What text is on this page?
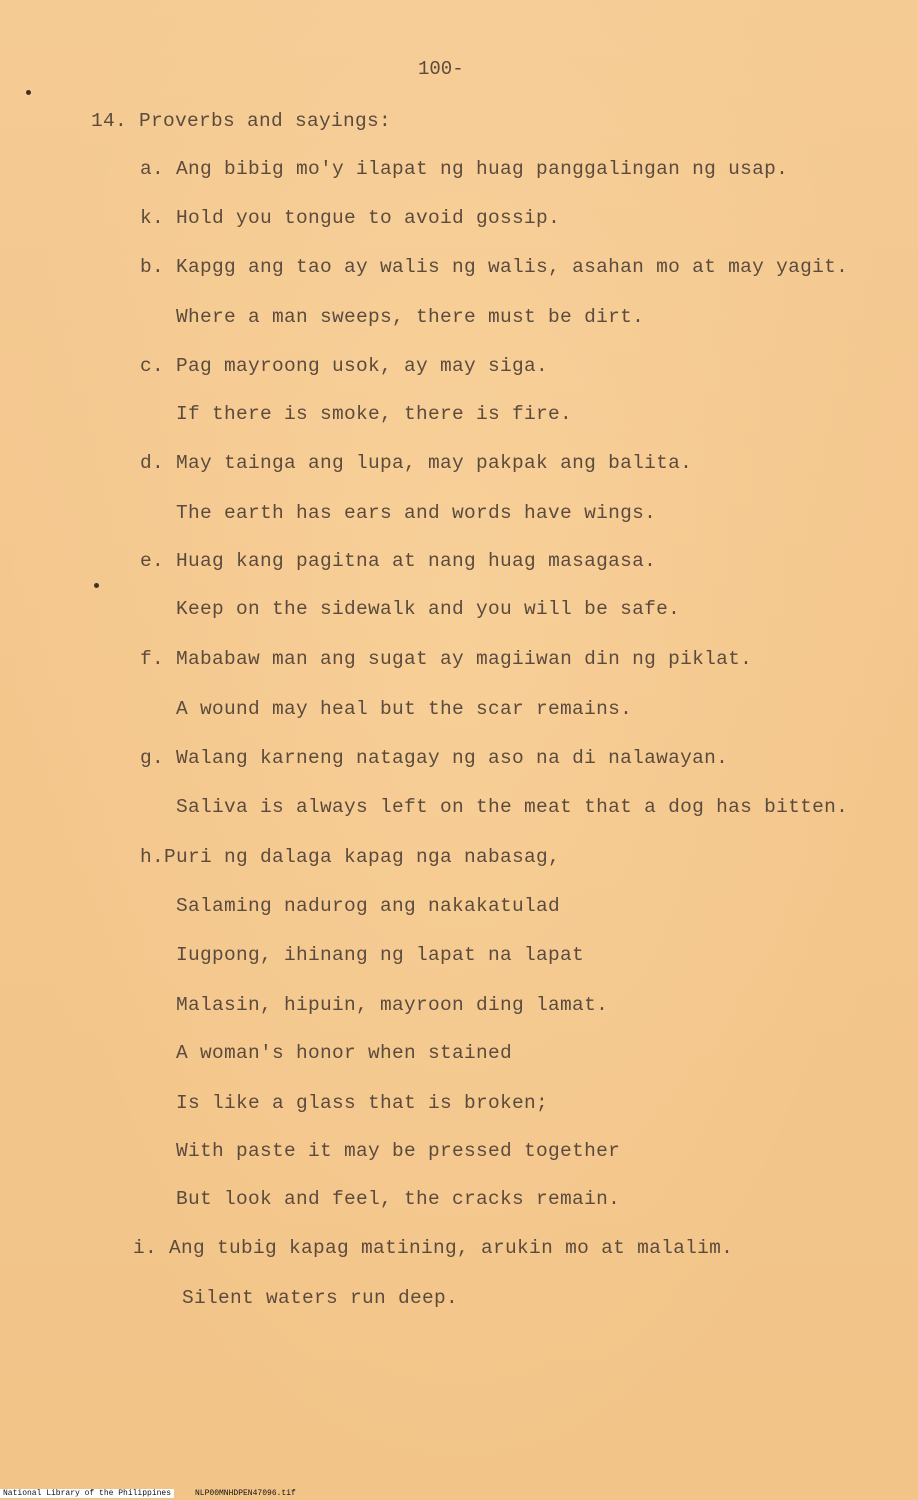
100-
14. Proverbs and sayings:
a. Ang bibig mo'y ilapat ng huag panggalingan ng usap.
k. Hold you tongue to avoid gossip.
b. Kapgg ang tao ay walis ng walis, asahan mo at may yagit.
Where a man sweeps, there must be dirt.
c. Pag mayroong usok, ay may siga.
If there is smoke, there is fire.
d. May tainga ang lupa, may pakpak ang balita.
The earth has ears and words have wings.
e. Huag kang pagitna at nang huag masagasa.
Keep on the sidewalk and you will be safe.
f. Mababaw man ang sugat ay magiiwan din ng piklat.
A wound may heal but the scar remains.
g. Walang karneng natagay ng aso na di nalawayan.
Saliva is always left on the meat that a dog has bitten.
h.Puri ng dalaga kapag nga nabasag,
Salaming nadurog ang nakakatulad
Iugpong, ihinang ng lapat na lapat
Malasin, hipuin, mayroon ding lamat.
A woman's honor when stained
Is like a glass that is broken;
With paste it may be pressed together
But look and feel, the cracks remain.
i. Ang tubig kapag matining, arukin mo at malalim.
Silent waters run deep.
National Library of the Philippines	NLP00MNHDPEN47096.tif
